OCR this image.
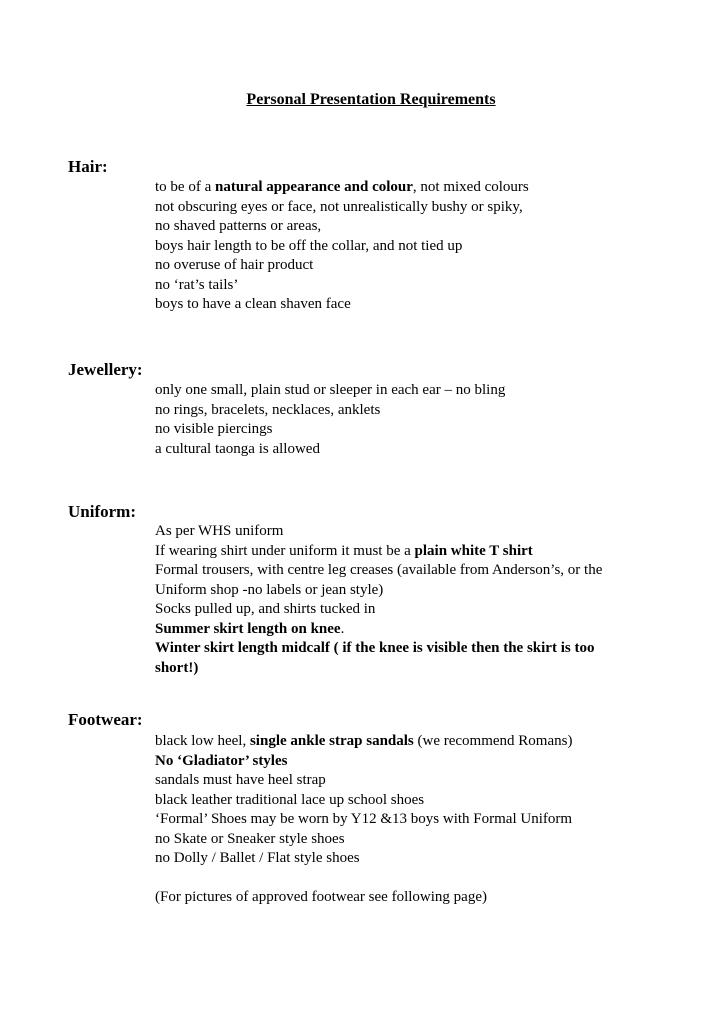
Personal Presentation Requirements
Hair:
to be of a natural appearance and colour, not mixed colours
not obscuring eyes or face, not unrealistically bushy or spiky,
no shaved patterns or areas,
boys hair length to be off the collar, and not tied up
no overuse of hair product
no ‘rat’s tails’
boys to have a clean shaven face
Jewellery:
only one small, plain stud or sleeper in each ear – no bling
no rings, bracelets, necklaces, anklets
no visible piercings
a cultural taonga is allowed
Uniform:
As per WHS uniform
If wearing shirt under uniform it must be a plain white T shirt
Formal trousers, with centre leg creases (available from Anderson’s, or the
Uniform shop -no labels or jean style)
Socks pulled up, and shirts tucked in
Summer skirt length on knee.
Winter skirt length midcalf ( if the knee is visible then the skirt is too
short!)
Footwear:
black low heel, single ankle strap sandals (we recommend Romans)
No ‘Gladiator’ styles
sandals must have heel strap
black leather traditional lace up school shoes
‘Formal’ Shoes may be worn by Y12 &13 boys with Formal Uniform
no Skate or Sneaker style shoes
no Dolly / Ballet / Flat style shoes
(For pictures of approved footwear see following page)
